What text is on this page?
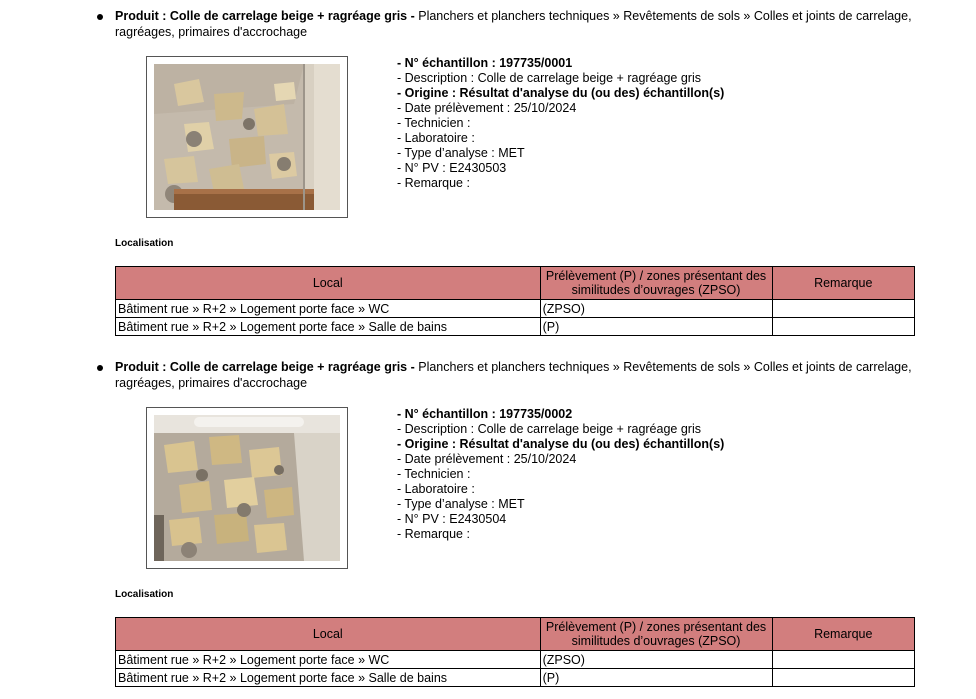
Produit : Colle de carrelage beige + ragréage gris - Planchers et planchers techniques » Revêtements de sols » Colles et joints de carrelage, ragréages, primaires d'accrochage
- N° échantillon : 197735/0001
- Description : Colle de carrelage beige + ragréage gris
- Origine : Résultat d'analyse du (ou des) échantillon(s)
- Date prélèvement : 25/10/2024
- Technicien :
- Laboratoire :
- Type d’analyse : MET
- N° PV : E2430503
- Remarque :
Localisation
Local	Prélèvement (P) / zones présentant des similitudes d’ouvrages (ZPSO)	Remarque
Bâtiment rue » R+2 » Logement porte face » WC	(ZPSO)	
Bâtiment rue » R+2 » Logement porte face » Salle de bains	(P)	
Produit : Colle de carrelage beige + ragréage gris - Planchers et planchers techniques » Revêtements de sols » Colles et joints de carrelage, ragréages, primaires d'accrochage
- N° échantillon : 197735/0002
- Description : Colle de carrelage beige + ragréage gris
- Origine : Résultat d'analyse du (ou des) échantillon(s)
- Date prélèvement : 25/10/2024
- Technicien :
- Laboratoire :
- Type d’analyse : MET
- N° PV : E2430504
- Remarque :
Localisation
Local	Prélèvement (P) / zones présentant des similitudes d’ouvrages (ZPSO)	Remarque
Bâtiment rue » R+2 » Logement porte face » WC	(ZPSO)	
Bâtiment rue » R+2 » Logement porte face » Salle de bains	(P)	
